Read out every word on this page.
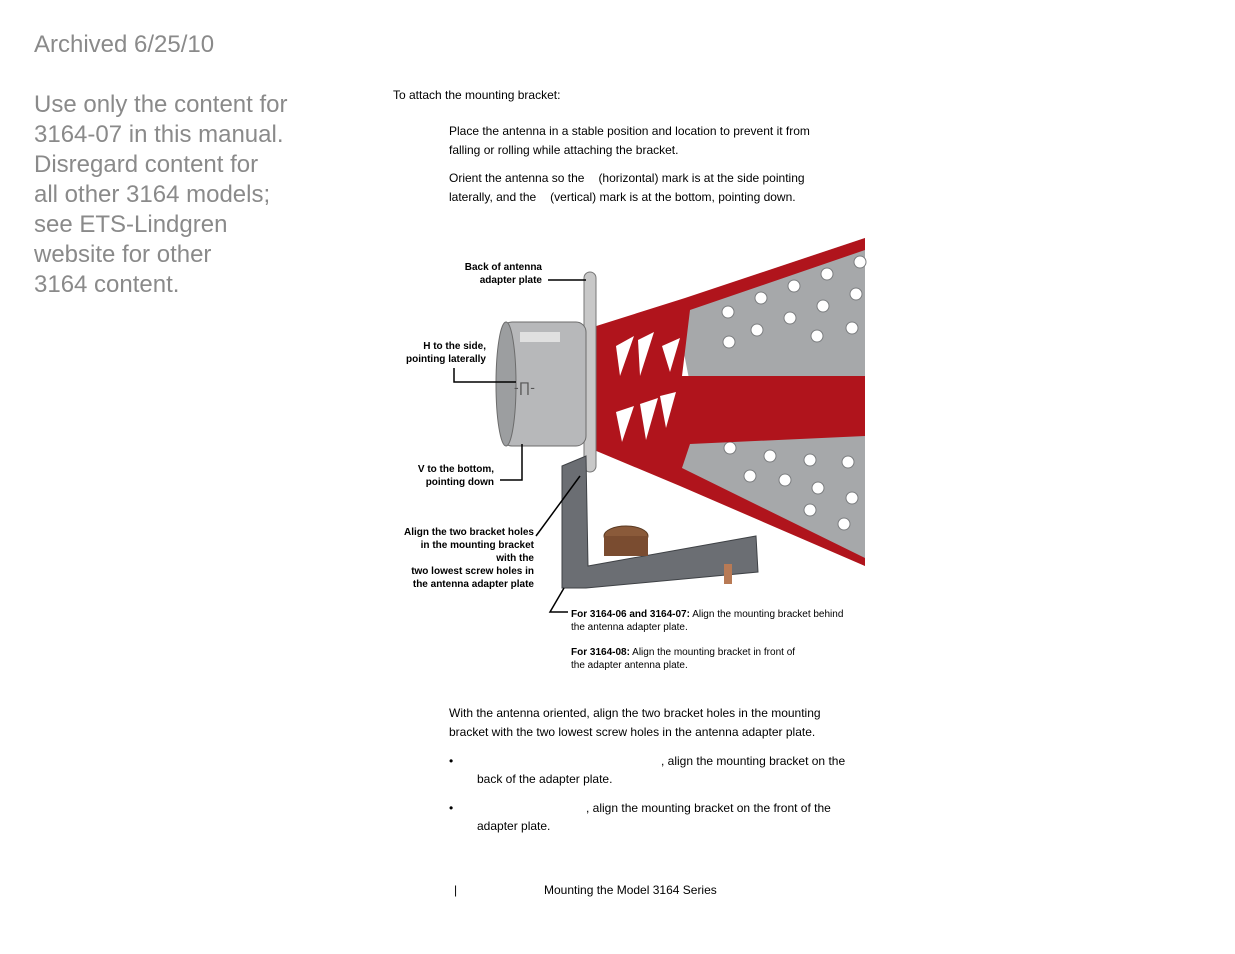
Archived 6/25/10
Use only the content for
3164-07 in this manual.
Disregard content for
all other 3164 models;
see ETS-Lindgren
website for other
3164 content.
To attach the mounting bracket:
Place the antenna in a stable position and location to prevent it from
falling or rolling while attaching the bracket.
Orient the antenna so the (horizontal) mark is at the side pointing
laterally, and the (vertical) mark is at the bottom, pointing down.
-∏-
Back of antenna
adapter plate
H to the side,
pointing laterally
V to the bottom,
pointing down
Align the two bracket holes
in the mounting bracket
with the
two lowest screw holes in
the antenna adapter plate
For 3164-06 and 3164-07: Align the mounting bracket behind
the antenna adapter plate.
For 3164-08: Align the mounting bracket in front of
the adapter antenna plate.
With the antenna oriented, align the two bracket holes in the mounting
bracket with the two lowest screw holes in the antenna adapter plate.
•	, align the mounting bracket on the
back of the adapter plate.
•	, align the mounting bracket on the front of the
adapter plate.
|	Mounting the Model 3164 Series
